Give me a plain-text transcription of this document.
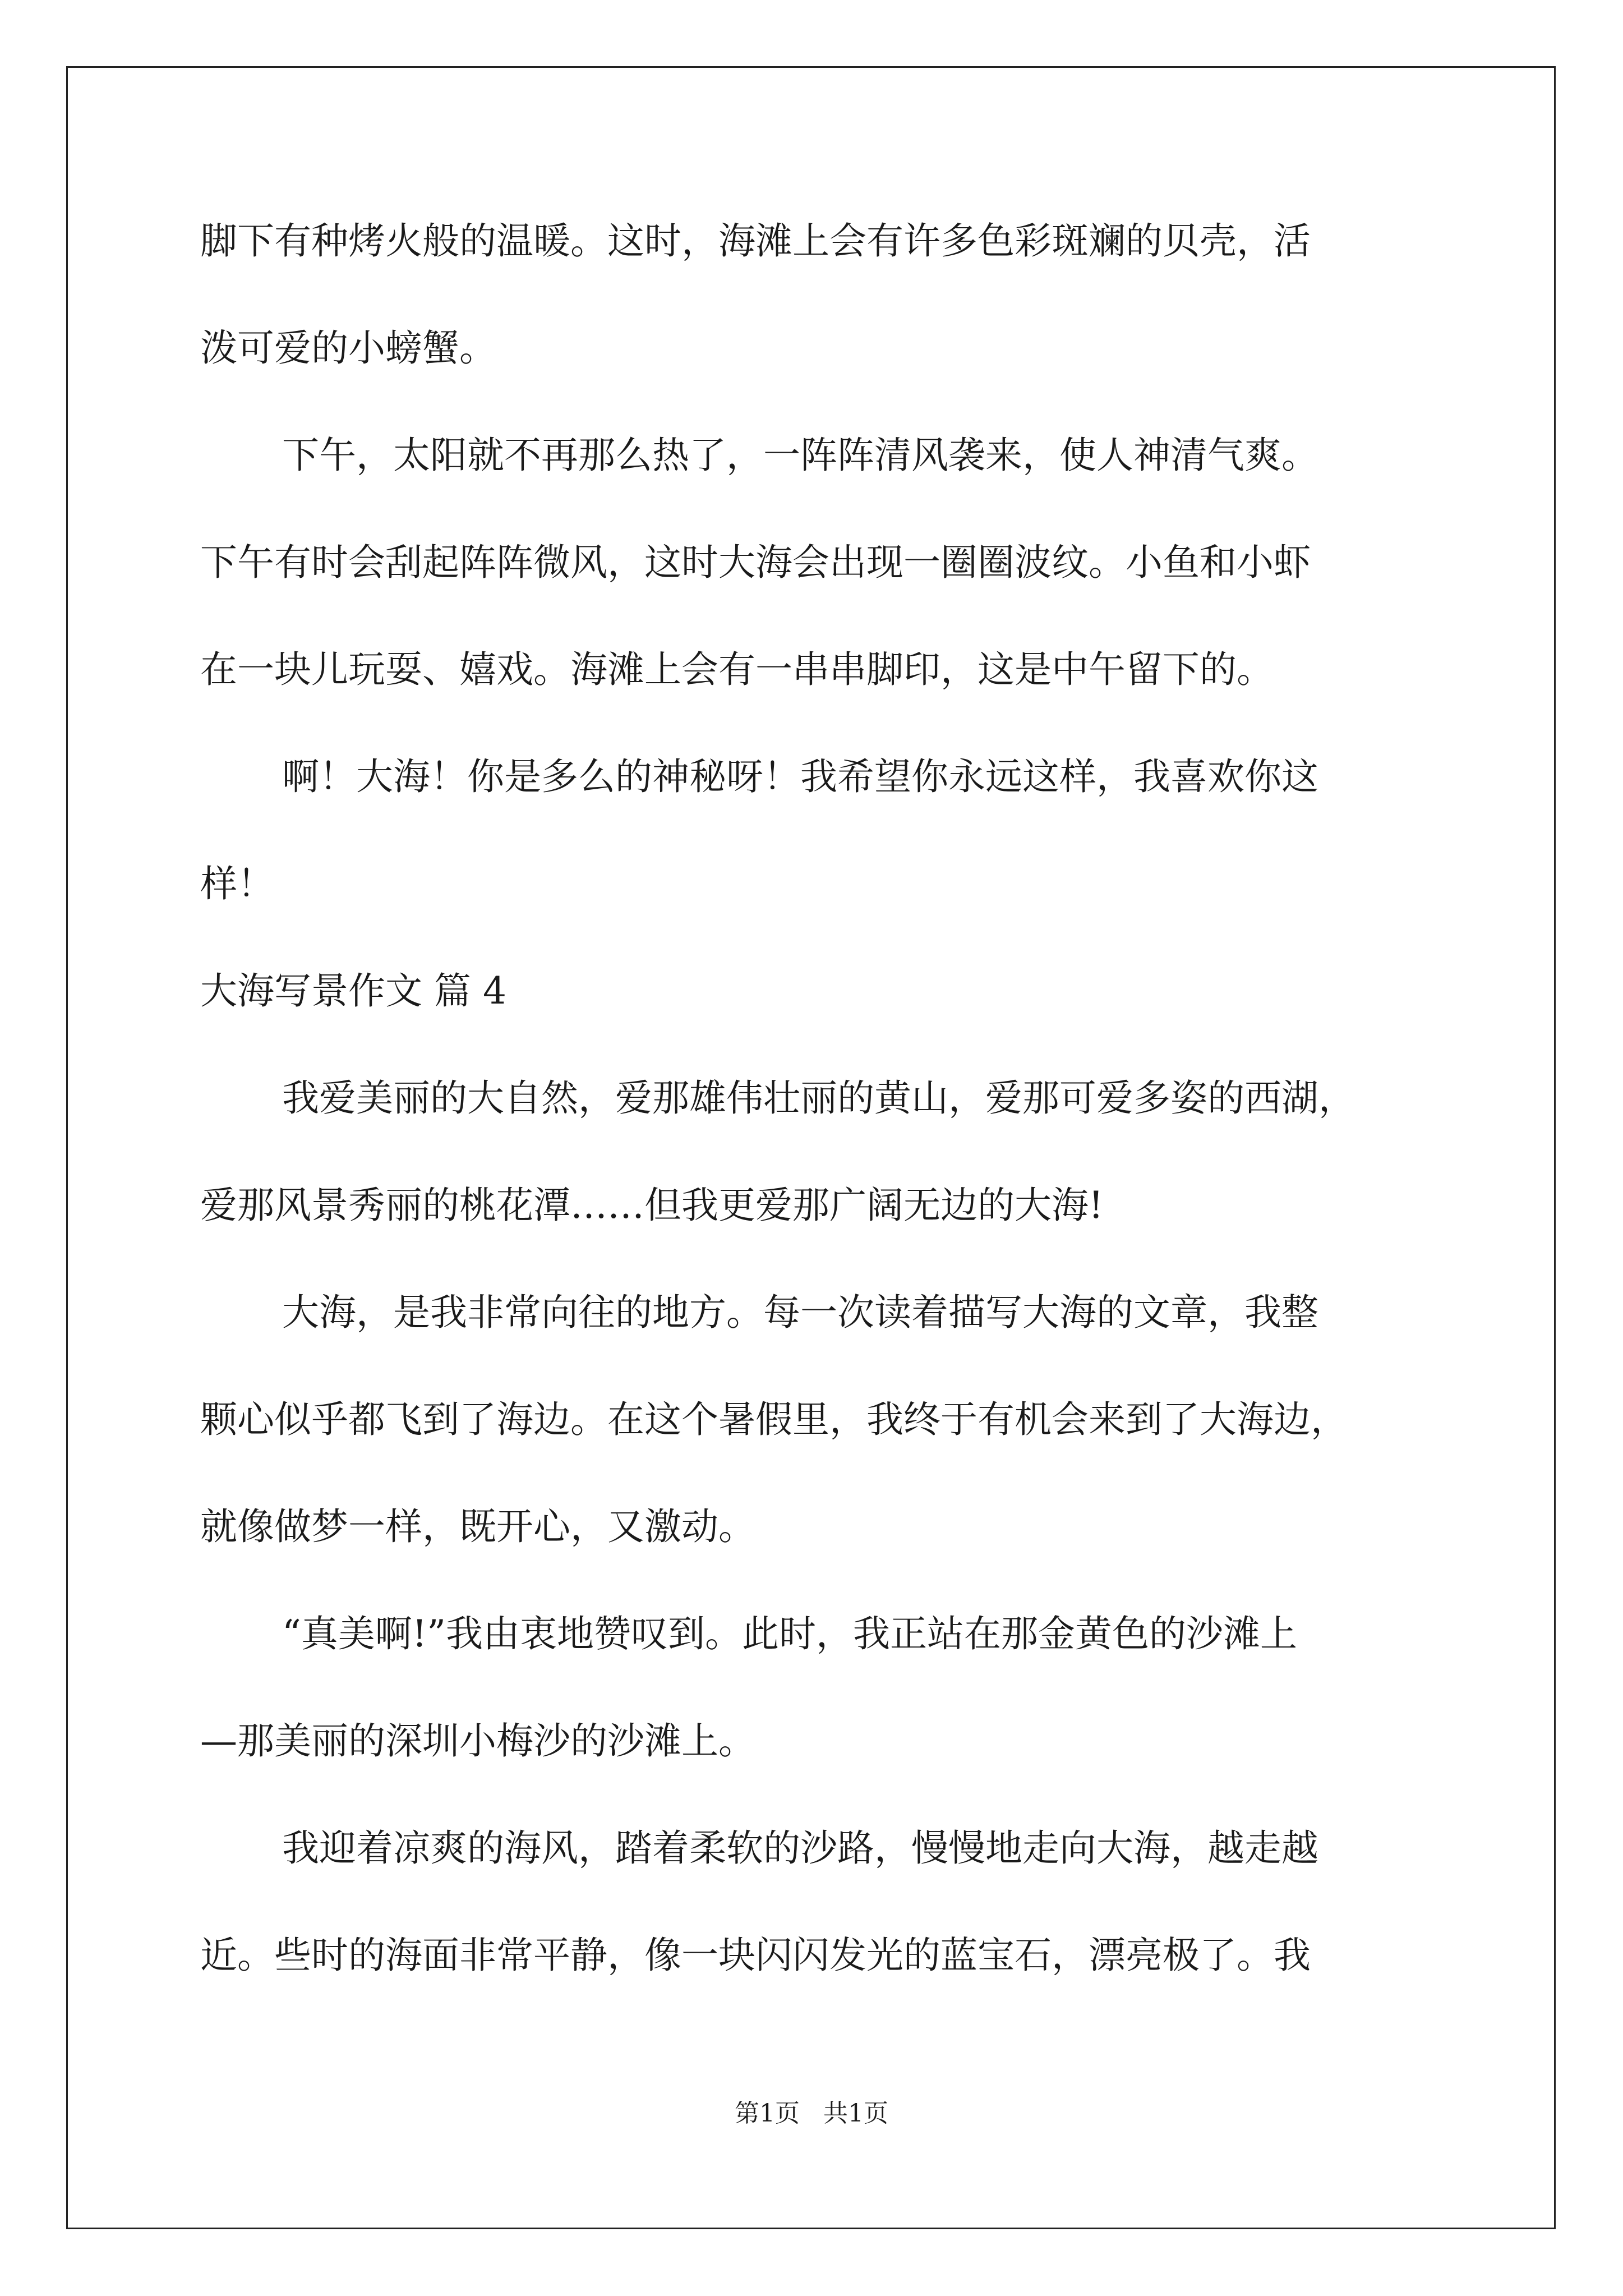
脚下有种烤火般的温暖。这时，海滩上会有许多色彩斑斓的贝壳，活

泼可爱的小螃蟹。

下午，太阳就不再那么热了，一阵阵清风袭来，使人神清气爽。

下午有时会刮起阵阵微风，这时大海会出现一圈圈波纹。小鱼和小虾

在一块儿玩耍、嬉戏。海滩上会有一串串脚印，这是中午留下的。

啊！大海！你是多么的神秘呀！我希望你永远这样，我喜欢你这

样！

大海写景作文 篇 4

我爱美丽的大自然，爱那雄伟壮丽的黄山，爱那可爱多姿的西湖，

爱那风景秀丽的桃花潭……但我更爱那广阔无边的大海!

大海，是我非常向往的地方。每一次读着描写大海的文章，我整

颗心似乎都飞到了海边。在这个暑假里，我终于有机会来到了大海边，

就像做梦一样，既开心，又激动。

“真美啊!”我由衷地赞叹到。此时，我正站在那金黄色的沙滩上

—那美丽的深圳小梅沙的沙滩上。

我迎着凉爽的海风，踏着柔软的沙路，慢慢地走向大海，越走越

近。些时的海面非常平静，像一块闪闪发光的蓝宝石，漂亮极了。我

第1页   共1页
